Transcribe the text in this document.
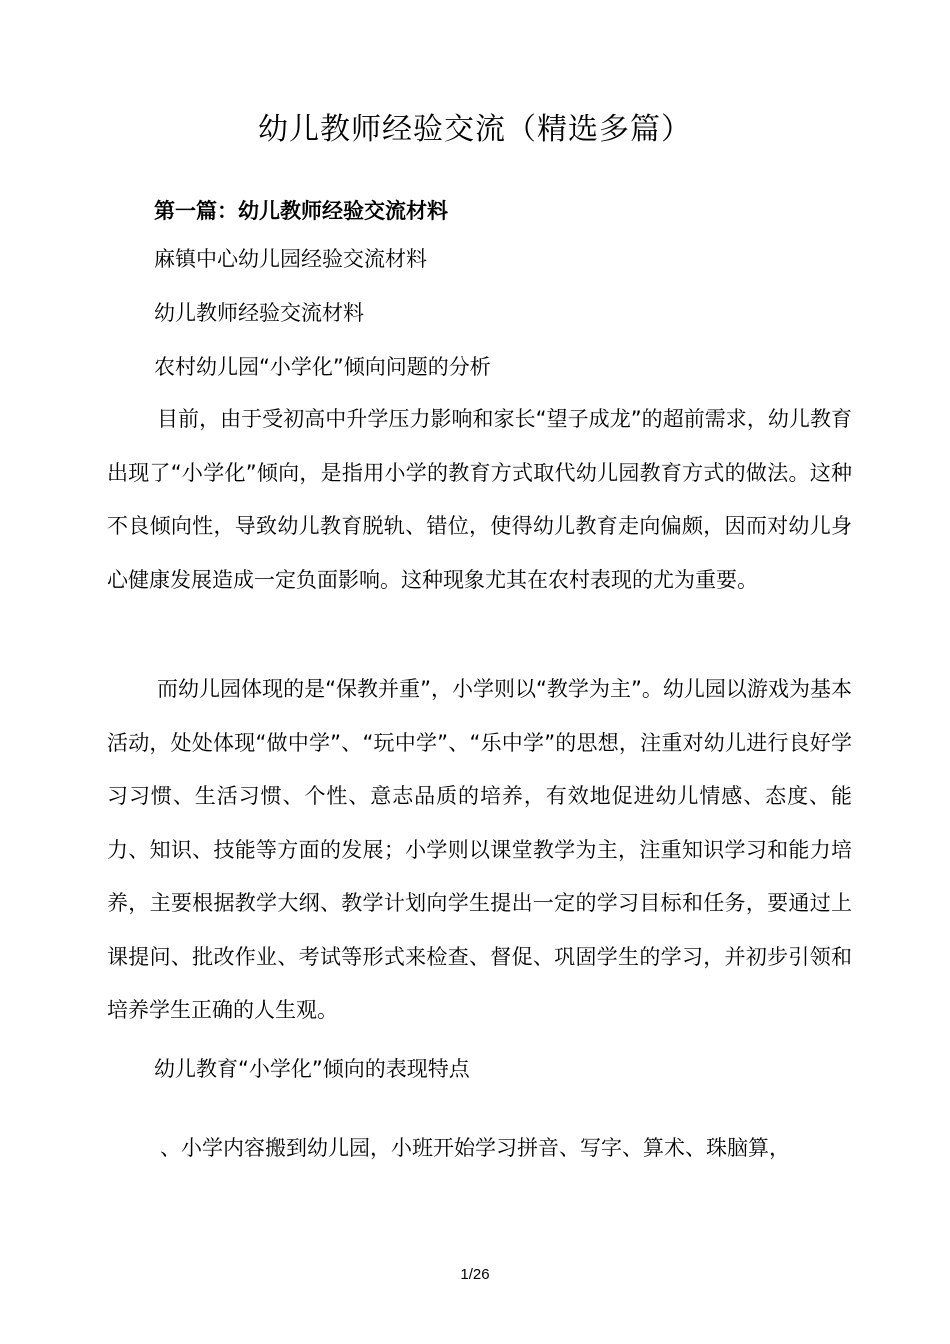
幼儿教师经验交流（精选多篇）
第一篇：幼儿教师经验交流材料
麻镇中心幼儿园经验交流材料
幼儿教师经验交流材料
农村幼儿园“小学化”倾向问题的分析

目前，由于受初高中升学压力影响和家长“望子成龙”的超前需求，幼儿教育出现了“小学化”倾向，是指用小学的教育方式取代幼儿园教育方式的做法。这种不良倾向性，导致幼儿教育脱轨、错位，使得幼儿教育走向偏颇，因而对幼儿身心健康发展造成一定负面影响。这种现象尤其在农村表现的尤为重要。

而幼儿园体现的是“保教并重”，小学则以“教学为主”。幼儿园以游戏为基本活动，处处体现“做中学”、“玩中学”、“乐中学”的思想，注重对幼儿进行良好学习习惯、生活习惯、个性、意志品质的培养，有效地促进幼儿情感、态度、能力、知识、技能等方面的发展；小学则以课堂教学为主，注重知识学习和能力培养，主要根据教学大纲、教学计划向学生提出一定的学习目标和任务，要通过上课提问、批改作业、考试等形式来检查、督促、巩固学生的学习，并初步引领和培养学生正确的人生观。

幼儿教育“小学化”倾向的表现特点
、小学内容搬到幼儿园，小班开始学习拼音、写字、算术、珠脑算，
1/26
